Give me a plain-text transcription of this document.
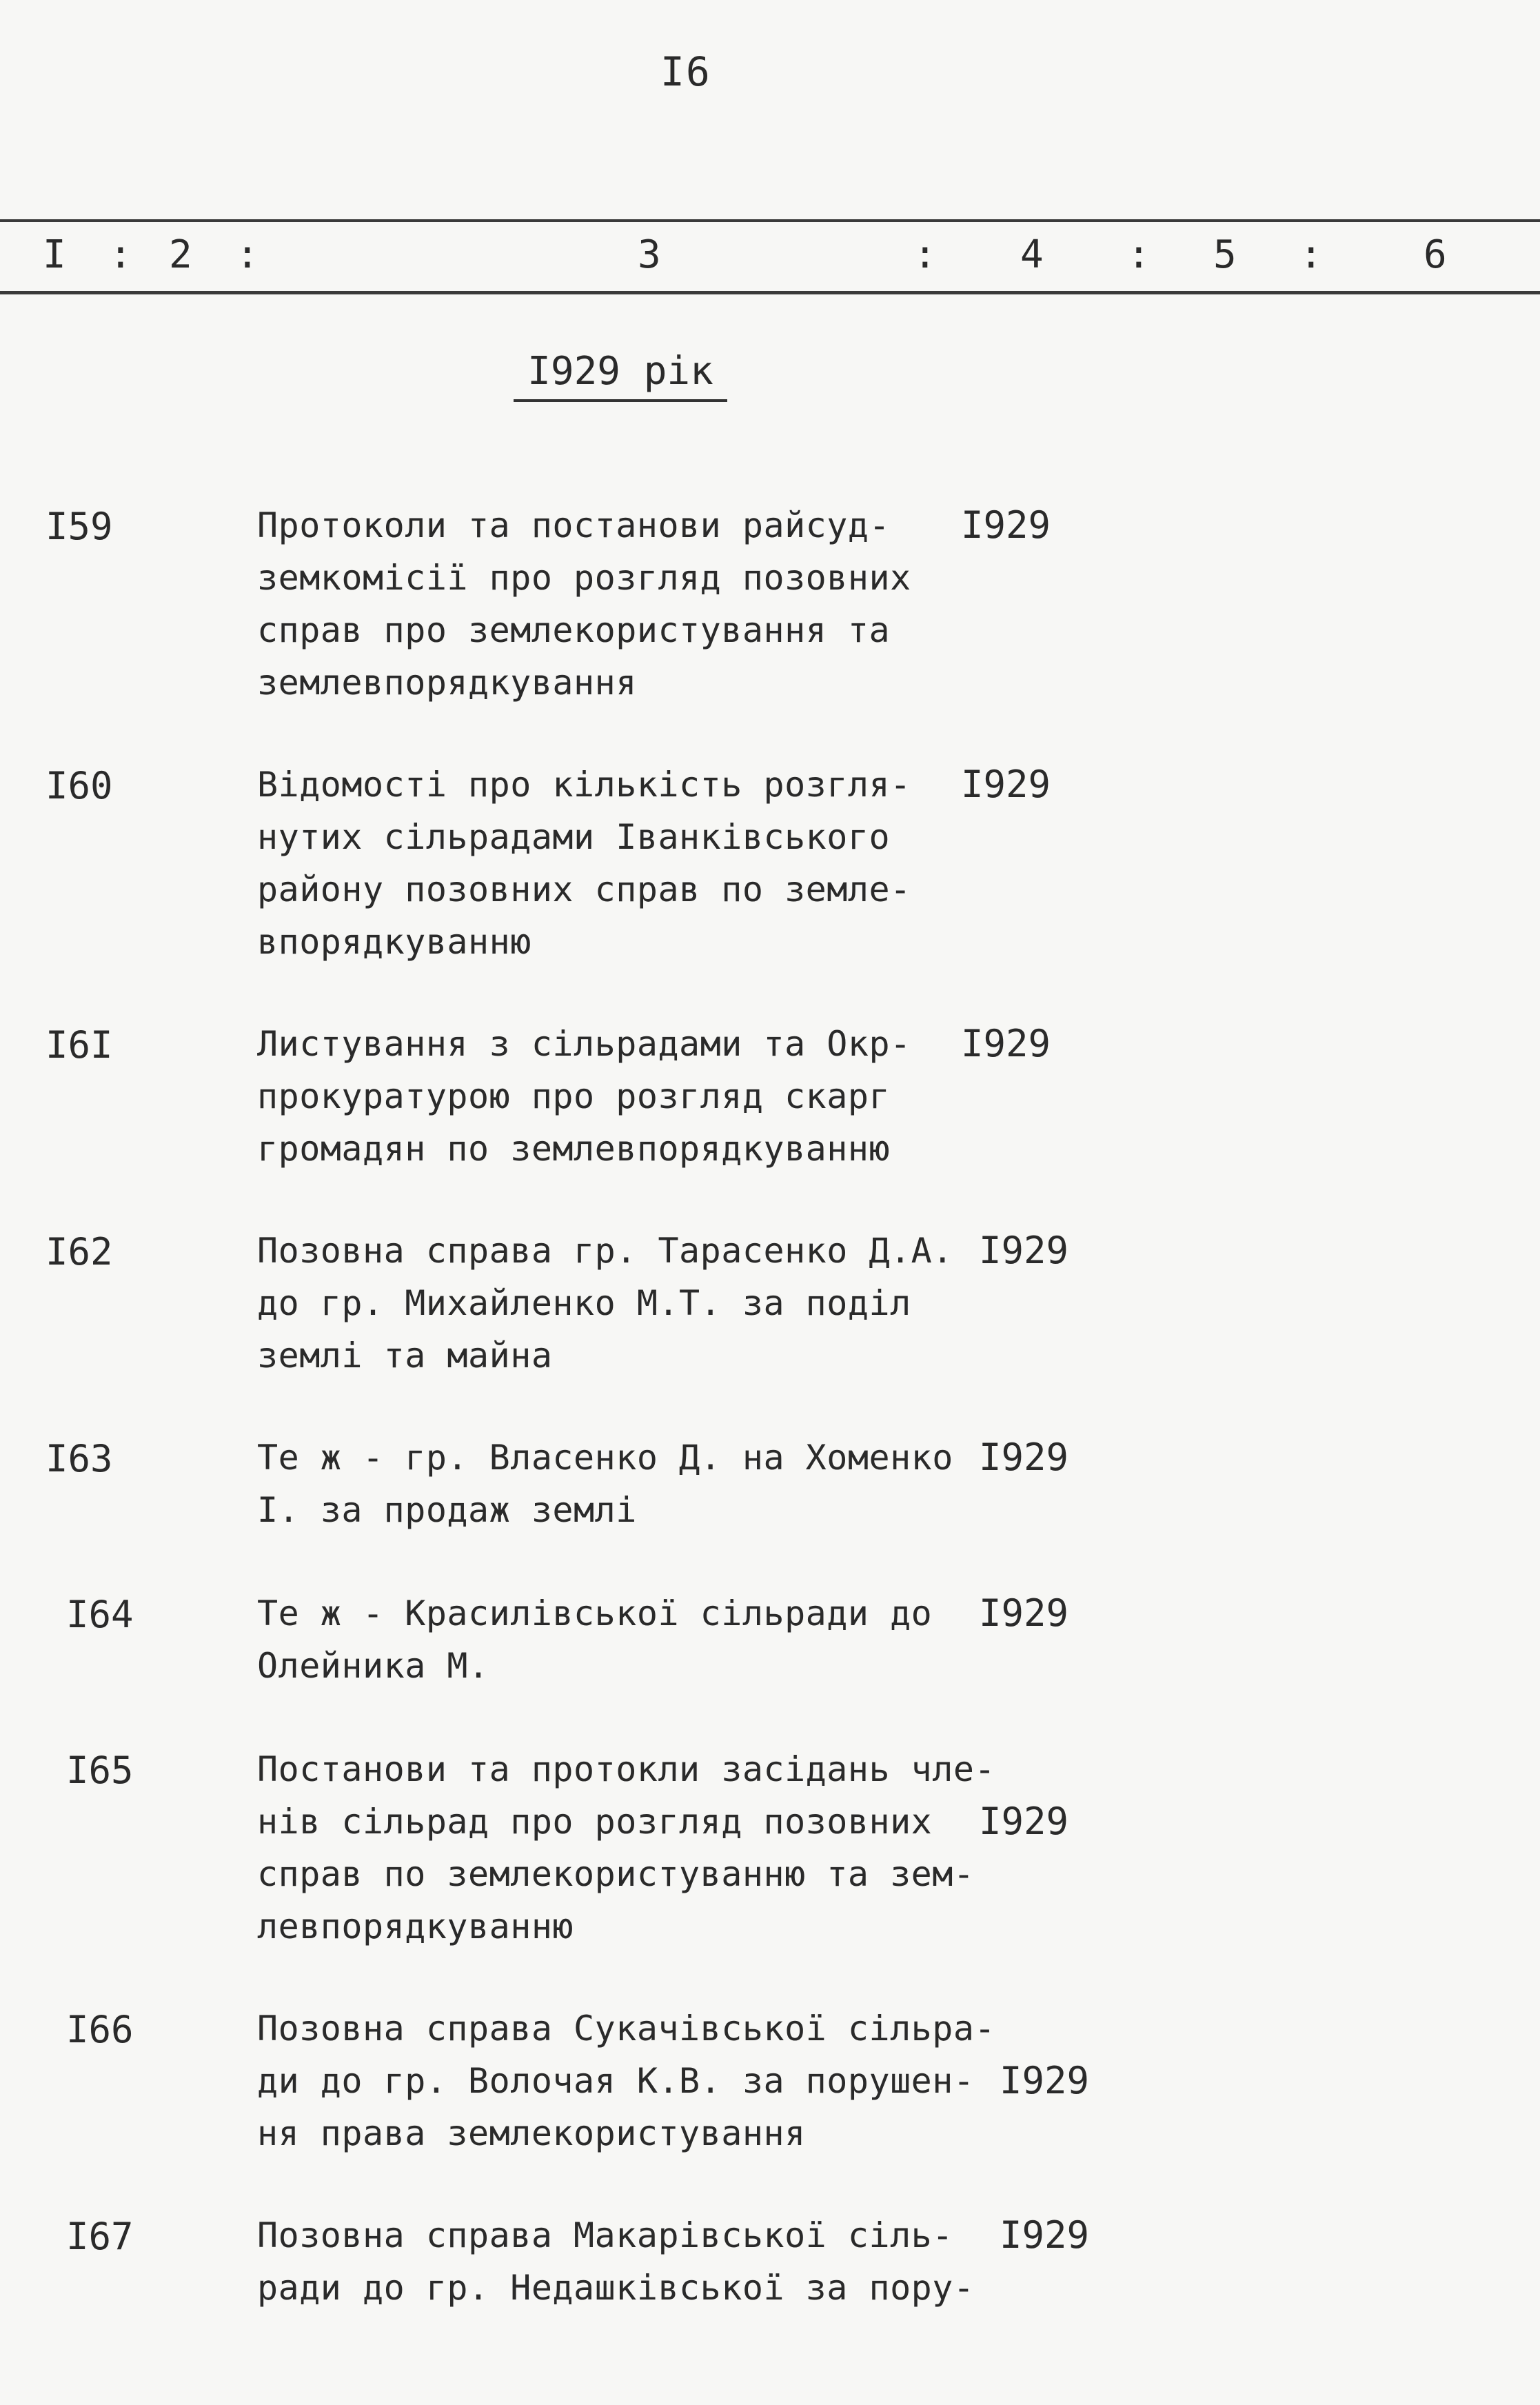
I6
I : 2 :	3	: 4 : 5 :	6
I929 рік
I59	Протоколи та постанови райсуд-
земкомісії про розгляд позовних
справ про землекористування та
землевпорядкування
I929
I60	Відомості про кількість розгля-
нутих сільрадами Іванківського
району позовних справ по земле-
впорядкуванню
I929
I6I	Листування з сільрадами та Окр-
прокуратурою про розгляд скарг
громадян по землевпорядкуванню
I929
I62	Позовна справа гр. Тарасенко Д.А.
до гр. Михайленко М.Т. за поділ
землі та майна
I929
I63	Те ж - гр. Власенко Д. на Хоменко
І. за продаж землі
I929
I64	Те ж - Красилівської сільради до
Олейника М.
I929
I65	Постанови та протокли засідань чле-
нів сільрад про розгляд позовних
справ по землекористуванню та зем-
левпорядкуванню
I929
I66	Позовна справа Сукачівської сільра-
ди до гр. Волочая К.В. за порушен-
ня права землекористування
I929
I67	Позовна справа Макарівської сіль-
ради до гр. Недашківської за пору-
I929
